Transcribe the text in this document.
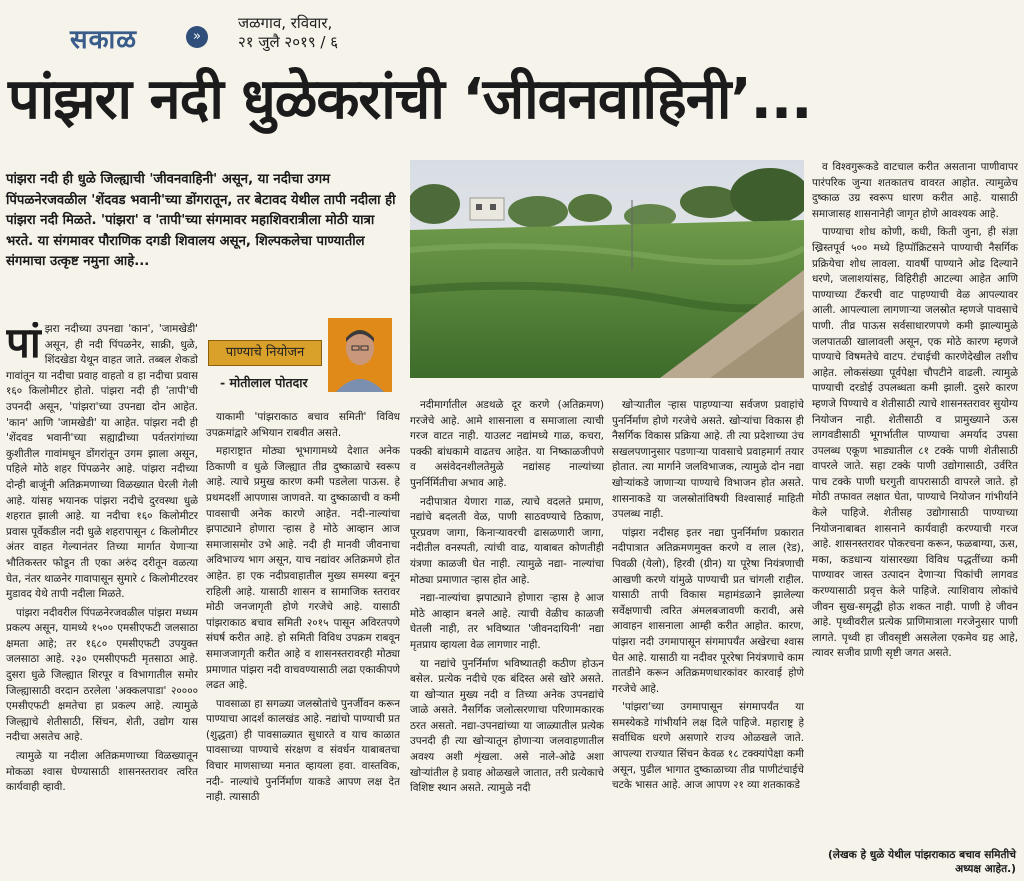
सकाळ	»
जळगाव, रविवार,
२१ जुलै २०१९ / ६
पांझरा नदी धुळेकरांची ‘जीवनवाहिनी’...
पांझरा नदी ही धुळे जिल्ह्याची 'जीवनवाहिनी' असून, या नदीचा उगम पिंपळनेरजवळील 'शेंदवड भवानी'च्या डोंगरातून, तर बेटावद येथील तापी नदीला ही पांझरा नदी मिळते. 'पांझरा' व 'तापी'च्या संगमावर महाशिवरात्रीला मोठी यात्रा भरते. या संगमावर पौराणिक दगडी शिवालय असून, शिल्पकलेचा पाण्यातील संगमाचा उत्कृष्ट नमुना आहे...
पाण्याचे नियोजन
- मोतीलाल पोतदार
पां झरा नदीच्या उपनद्या 'कान', 'जामखेडी' असून, ही नदी पिंपळनेर, साक्री, धुळे, शिंदखेडा येथून वाहत जाते. तब्बल शेकडो गावांतून या नदीचा प्रवाह वाहतो व हा नदीचा प्रवास १६० किलोमीटर होतो. पांझरा नदी ही 'तापी'ची उपनदी असून, 'पांझरा'च्या उपनद्या दोन आहेत. 'कान' आणि 'जामखेडी' या आहेत. पांझरा नदी ही 'शेंदवड भवानी'च्या सह्याद्रीच्या पर्वतरांगांच्या कुशीतील गावांमधून डोंगरांतून उगम झाला असून, पहिले मोठे शहर पिंपळनेर आहे. पांझरा नदीच्या दोन्ही बाजूंनी अतिक्रमणाच्या विळख्यात घेरली गेली आहे. यांसह भयानक पांझरा नदीचे दुरवस्था धुळे शहरात झाली आहे. या नदीचा १६० किलोमीटर प्रवास पूर्वेकडील नदी धुळे शहरापासून ८ किलोमीटर अंतर वाहत गेल्यानंतर तिच्या मार्गात येणाऱ्या भौतिकस्तर फोडून ती एका अरुंद दरीतून वळत्या घेत, नंतर थाळनेर गावापासून सुमारे ८ किलोमीटरवर मुडावद येथे तापी नदीला मिळते.

पांझरा नदीवरील पिंपळनेरजवळील पांझरा मध्यम प्रकल्प असून, यामध्ये १५०० एमसीएफटी जलसाठा क्षमता आहे; तर १६८० एमसीएफटी उपयुक्त जलसाठा आहे. २३० एमसीएफटी मृतसाठा आहे. दुसरा धुळे जिल्ह्यात शिरपूर व विभागातील समोर जिल्ह्यासाठी वरदान ठरलेला 'अक्कलपाडा' २०००० एमसीएफटी क्षमतेचा हा प्रकल्प आहे. त्यामुळे जिल्ह्याचे शेतीसाठी, सिंचन, शेती, उद्योग यास नदीचा असतेच आहे.

त्यामुळे या नदीला अतिक्रमणाच्या विळख्यातून मोकळा श्वास घेण्यासाठी शासनस्तरावर त्वरित कार्यवाही व्हावी.

याकामी 'पांझराकाठ बचाव समिती' विविध उपक्रमांद्वारे अभियान राबवीत असते.

महाराष्ट्रात मोठ्या भूभागामध्ये देशात अनेक ठिकाणी व धुळे जिल्ह्यात तीव्र दुष्काळाचे स्वरूप आहे. त्याचे प्रमुख कारण कमी पडलेला पाऊस. हे प्रथमदर्शी आपणास जाणवते. या दुष्काळाची व कमी पावसाची अनेक कारणे आहेत. नदी-नाल्यांचा झपाट्याने होणारा ऱ्हास हे मोठे आव्हान आज समाजासमोर उभे आहे. नदी ही मानवी जीवनाचा अविभाज्य भाग असून, याच नद्यांवर अतिक्रमणे होत आहेत. हा एक नदीप्रवाहातील मुख्य समस्या बनून राहिली आहे. यासाठी शासन व सामाजिक स्तरावर मोठी जनजागृती होणे गरजेचे आहे. यासाठी पांझराकाठ बचाव समिती २०१५ पासून अविरतपणे संघर्ष करीत आहे. हो समिती विविध उपक्रम राबवून समाजजागृती करीत आहे व शासनस्तरावरही मोठ्या प्रमाणात पांझरा नदी वाचवण्यासाठी लढा एकाकीपणे लढत आहे.

पावसाळा हा सगळ्या जलस्रोतांचे पुनर्जीवन करून पाण्याचा आदर्श कालखंड आहे. नद्यांचो पाण्याची प्रत (शुद्धता) ही पावसाळ्यात सुधारते व याच काळात पावसाच्या पाण्याचे संरक्षण व संवर्धन याबाबतचा विचार माणसाच्या मनात व्हायला हवा. वास्तविक, नदी- नाल्यांचे पुनर्निर्माण याकडे आपण लक्ष देत नाही. त्यासाठी

नदीमार्गातील अडथळे दूर करणे (अतिक्रमण) गरजेचे आहे. आमे शासनाला व समाजाला त्याची गरज वाटत नाही. याउलट नद्यांमध्ये गाळ, कचरा, पक्की बांधकामे वाढतच आहेत. या निष्काळजीपणे व असंवेदनशीलतेमुळे नद्यांसह नाल्यांच्या पुनर्निर्मितीचा अभाव आहे.

नदीपात्रात येणारा गाळ, त्याचे वदलते प्रमाण, नद्यांचे बदलती वेळ, पाणी साठवण्याचे ठिकाण, पूरप्रवण जागा, किनाऱ्यावरची ढासळणारी जागा, नदीतील वनस्पती, त्यांची वाढ, याबाबत कोणतीही यंत्रणा काळजी घेत नाही. त्यामुळे नद्या- नाल्यांचा मोठ्या प्रमाणात ऱ्हास होत आहे.

नद्या-नाल्यांचा झपाट्याने होणारा ऱ्हास हे आज मोठे आव्हान बनले आहे. त्याची वेळीच काळजी घेतली नाही, तर भविष्यात 'जीवनदायिनी' नद्या मृतप्राय व्हायला वेळ लागणार नाही.

या नद्यांचे पुनर्निर्माण भविष्यातही कठीण होऊन बसेल. प्रत्येक नदीचे एक बंदिस्त असे खोरे असते. या खोऱ्यात मुख्य नदी व तिच्या अनेक उपनद्यांचे जाळे असते. नैसर्गिक जलोत्सरणाचा परिणामकारक ठरत असतो. नद्या-उपनद्यांच्या या जाळ्यातील प्रत्येक उपनदी ही त्या खोऱ्यातून होणाऱ्या जलवाहणातील अवश्य अशी शृंखला. असे नाले-ओढे अशा खोऱ्यांतील हे प्रवाह ओळखले जातात, तरी प्रत्येकाचे विशिष्ट स्थान असते. त्यामुळे नदी

खोऱ्यातील ऱ्हास पाहण्याऱ्या सर्वजण प्रवाहांचे पुनर्निर्माण होणे गरजेचे असते. खोऱ्यांचा विकास ही नैसर्गिक विकास प्रक्रिया आहे. ती त्या प्रदेशाच्या उंच सखलपणानुसार पडणाऱ्या पावसाचे प्रवाहमार्ग तयार होतात. त्या मार्गाने जलविभाजक, त्यामुळे दोन नद्या खोऱ्यांकडे जाणाऱ्या पाण्याचे विभाजन होत असते. शासनाकडे या जलस्रोतांविषयी विश्वासार्ह माहिती उपलब्ध नाही.

पांझरा नदीसह इतर नद्या पुनर्निर्माण प्रकारात नदीपात्रात अतिक्रमणमुक्त करणे व लाल (रेड), पिवळी (येलो), हिरवी (ग्रीन) या पूरेषा नियंत्रणाची आखणी करणे यांमुळे पाण्याची प्रत चांगली राहील. यासाठी तापी विकास महामंडळाने झालेल्या सर्वेक्षणाची त्वरित अंमलबजावणी करावी, असे आवाहन शासनाला आम्ही करीत आहोत. कारण, पांझरा नदी उगमापासून संगमापर्यंत अखेरचा श्वास घेत आहे. यासाठी या नदीवर पूररेषा नियंत्रणाचे काम तातडीने करून अतिक्रमणधारकांवर कारवाई होणे गरजेचे आहे.

'पांझरा'च्या उगमापासून संगमापर्यंत या समस्येकडे गांभीर्याने लक्ष दिले पाहिजे. महाराष्ट्र हे सर्वाधिक धरणे असणारे राज्य ओळखले जाते. आपल्या राज्यात सिंचन केवळ १८ टक्क्यांपेक्षा कमी असून, पुढील भागात दुष्काळाच्या तीव्र पाणीटंचाईचे चटके भासत आहे. आज आपण २१ व्या शतकाकडे

व विश्वगुरूकडे वाटचाल करीत असताना पाणीवापर पारंपरिक जुन्या शतकातच वावरत आहोत. त्यामुळेच दुष्काळ उग्र स्वरूप धारण करीत आहे. यासाठी समाजासह शासनानेही जागृत होणे आवश्यक आहे.

पाण्याचा शोध कोणी, कधी, किती जुना, ही संज्ञा ख्रिस्तपूर्व ५०० मध्ये हिप्पॉक्रिटसने पाण्याची नैसर्गिक प्रक्रियेचा शोध लावला. यावर्षी पाण्याने ओढ दिल्याने धरणे, जलाशयांसह, विहिरीही आटल्या आहेत आणि पाण्याच्या टँकरची वाट पाहण्याची वेळ आपल्यावर आली. आपल्याला लागणाऱ्या जलस्रोत म्हणजे पावसाचे पाणी. तीव्र पाऊस सर्वसाधारणपणे कमी झाल्यामुळे जलपातळी खालावली असून, एक मोठे कारण म्हणजे पाण्याचे विषमतेचे वाटप. टंचाईची कारणेदेखील तशीच आहेत. लोकसंख्या पूर्वपेक्षा चौपटीने वाढली. त्यामुळे पाण्याची दरडोई उपलब्धता कमी झाली. दुसरे कारण म्हणजे पिण्याचे व शेतीसाठी त्याचे शासनस्तरावर सुयोग्य नियोजन नाही. शेतीसाठी व प्रामुख्याने ऊस लागवडीसाठी भूगर्भातील पाण्याचा अमर्याद उपसा उपलब्ध एकूण भाड्यातील ८१ टक्के पाणी शेतीसाठी वापरले जाते. सहा टक्के पाणी उद्योगासाठी, उर्वरित पाच टक्के पाणी घरगुती वापरासाठी वापरले जाते. हो मोठी तफावत लक्षात घेता, पाण्याचे नियोजन गांभीर्याने केले पाहिजे. शेतीसह उद्योगासाठी पाण्याच्या नियोजनाबाबत शासनाने कार्यवाही करण्याची गरज आहे. शासनस्तरावर पोकरचना करून, फळबाग्या, ऊस, मका, कडधान्य यांसारख्या विविध पद्धतींच्या कमी पाण्यावर जास्त उत्पादन देणाऱ्या पिकांची लागवड करण्यासाठी प्रवृत्त केले पाहिजे. त्याशिवाय लोकांचे जीवन सुख-समृद्धी होऊ शकत नाही. पाणी हे जीवन आहे. पृथ्वीवरील प्रत्येक प्राणिमात्राला गरजेनुसार पाणी लागते. पृथ्वी हा जीवसृष्टी असलेला एकमेव ग्रह आहे, त्यावर सजीव प्राणी सृष्टी जगत असते.

(लेखक हे धुळे येथील पांझराकाठ बचाव समितीचे अध्यक्ष आहेत.)
